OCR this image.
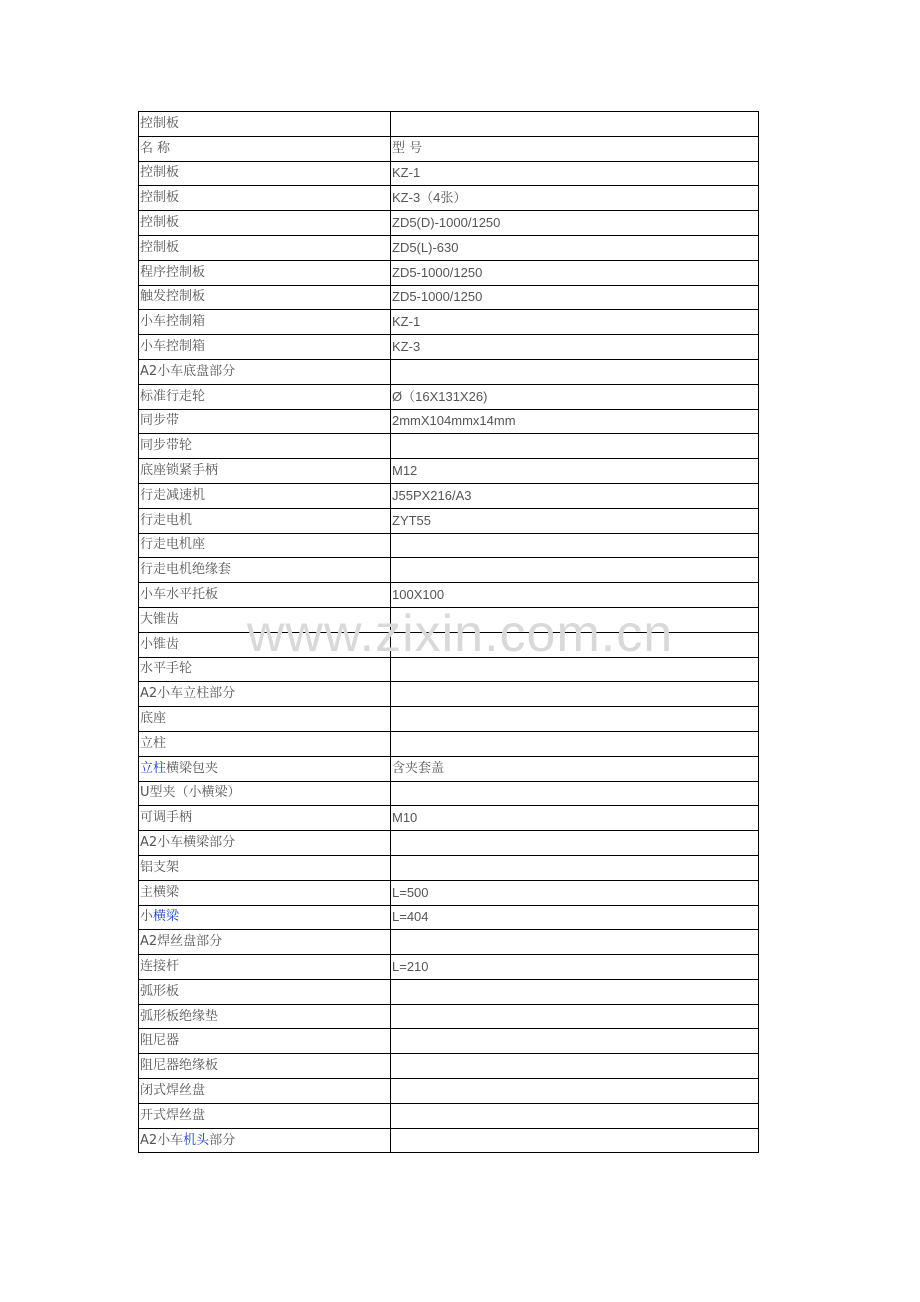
www.zixin.com.cn
控制板	
名 称	型 号
控制板	KZ-1
控制板	KZ-3（4张）
控制板	ZD5(D)-1000/1250
控制板	ZD5(L)-630
程序控制板	ZD5-1000/1250
触发控制板	ZD5-1000/1250
小车控制箱	KZ-1
小车控制箱	KZ-3
A2小车底盘部分	
标准行走轮	Ø（16X131X26)
同步带	2mmX104mmx14mm
同步带轮	
底座锁紧手柄	M12
行走减速机	J55PX216/A3
行走电机	ZYT55
行走电机座	
行走电机绝缘套	
小车水平托板	100X100
大锥齿	
小锥齿	
水平手轮	
A2小车立柱部分	
底座	
立柱	
立柱横梁包夹	含夹套盖
U型夹（小横梁）	
可调手柄	M10
A2小车横梁部分	
铝支架	
主横梁	L=500
小横梁	L=404
A2焊丝盘部分	
连接杆	L=210
弧形板	
弧形板绝缘垫	
阻尼器	
阻尼器绝缘板	
闭式焊丝盘	
开式焊丝盘	
A2小车机头部分	
